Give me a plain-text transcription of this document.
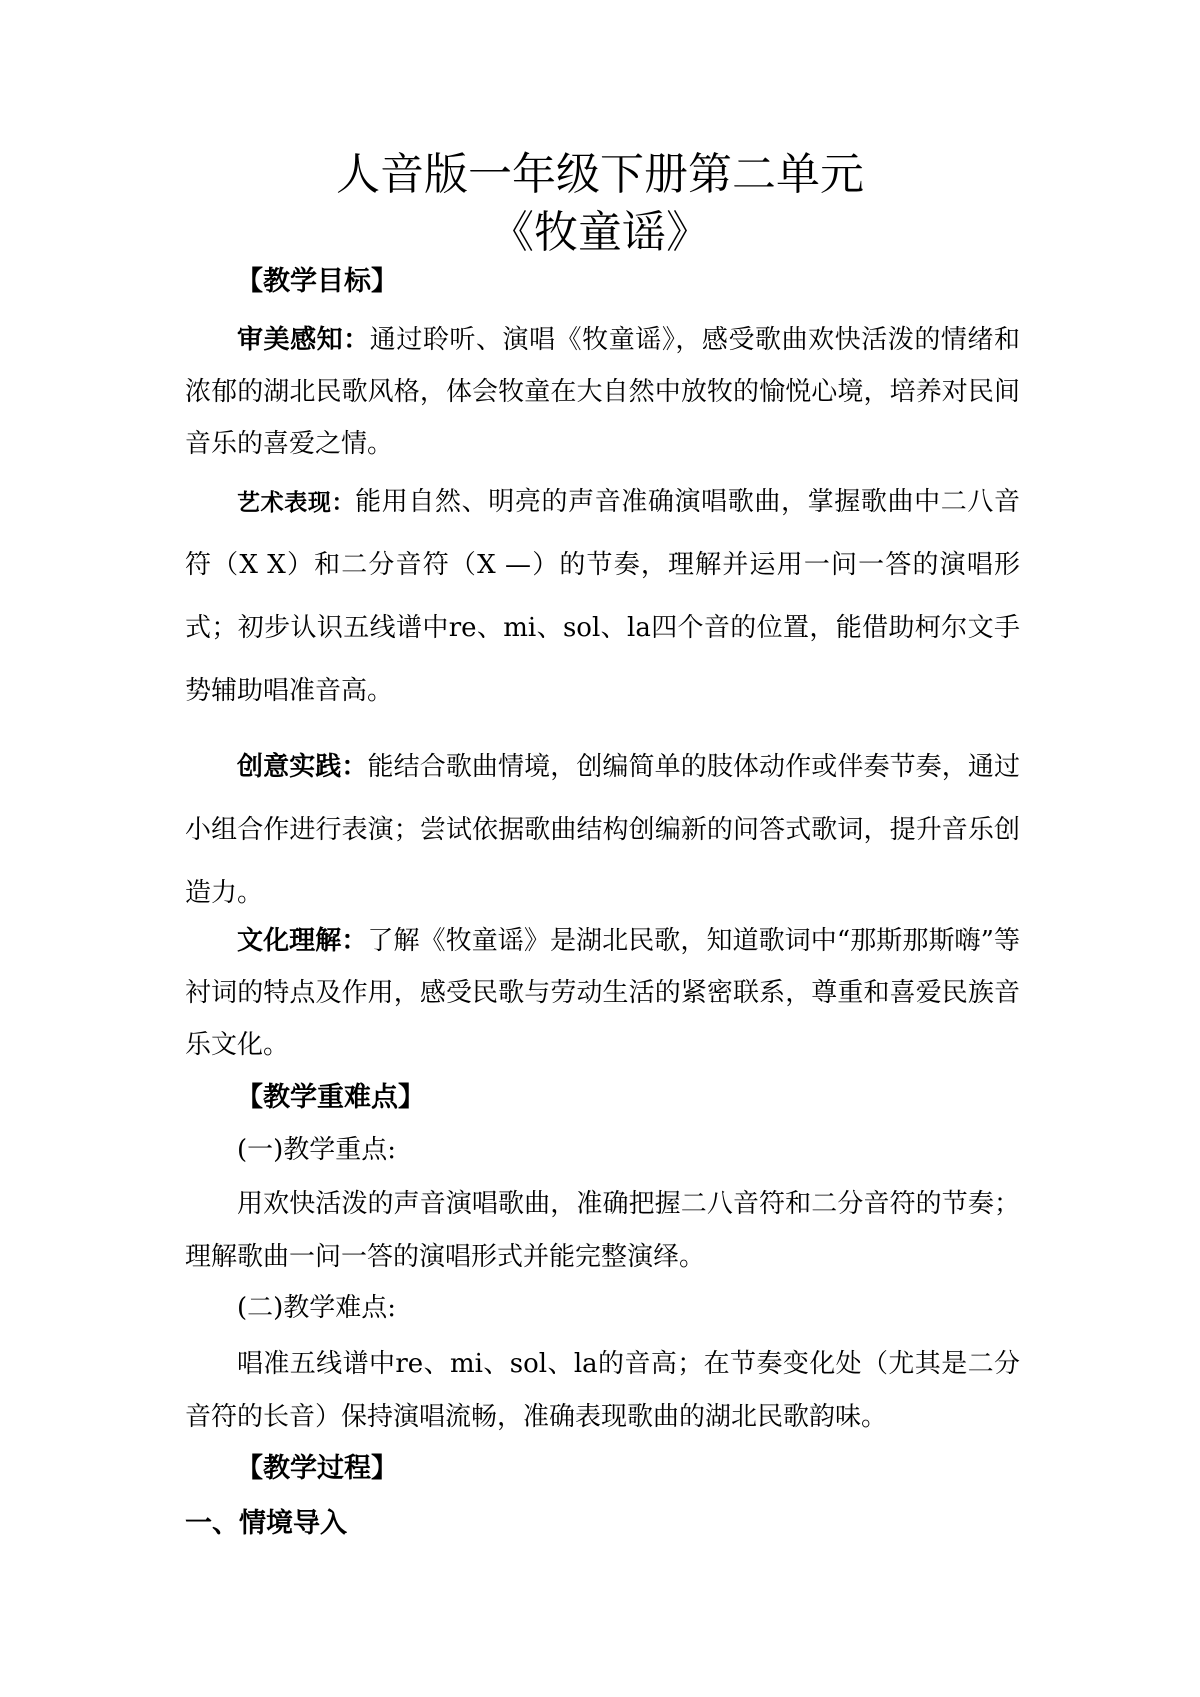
人音版一年级下册第二单元
《牧童谣》
【教学目标】

审美感知：通过聆听、演唱《牧童谣》，感受歌曲欢快活泼的情绪和浓郁的湖北民歌风格，体会牧童在大自然中放牧的愉悦心境，培养对民间音乐的喜爱之情。

艺术表现：能用自然、明亮的声音准确演唱歌曲，掌握歌曲中二八音符（X X）和二分音符（X —）的节奏，理解并运用一问一答的演唱形式；初步认识五线谱中re、mi、sol、la四个音的位置，能借助柯尔文手势辅助唱准音高。

创意实践：能结合歌曲情境，创编简单的肢体动作或伴奏节奏，通过小组合作进行表演；尝试依据歌曲结构创编新的问答式歌词，提升音乐创造力。

文化理解：了解《牧童谣》是湖北民歌，知道歌词中“那斯那斯嗨”等衬词的特点及作用，感受民歌与劳动生活的紧密联系，尊重和喜爱民族音乐文化。

【教学重难点】

(一)教学重点:

用欢快活泼的声音演唱歌曲，准确把握二八音符和二分音符的节奏；理解歌曲一问一答的演唱形式并能完整演绎。

(二)教学难点:

唱准五线谱中re、mi、sol、la的音高；在节奏变化处（尤其是二分音符的长音）保持演唱流畅，准确表现歌曲的湖北民歌韵味。

【教学过程】
一、情境导入
